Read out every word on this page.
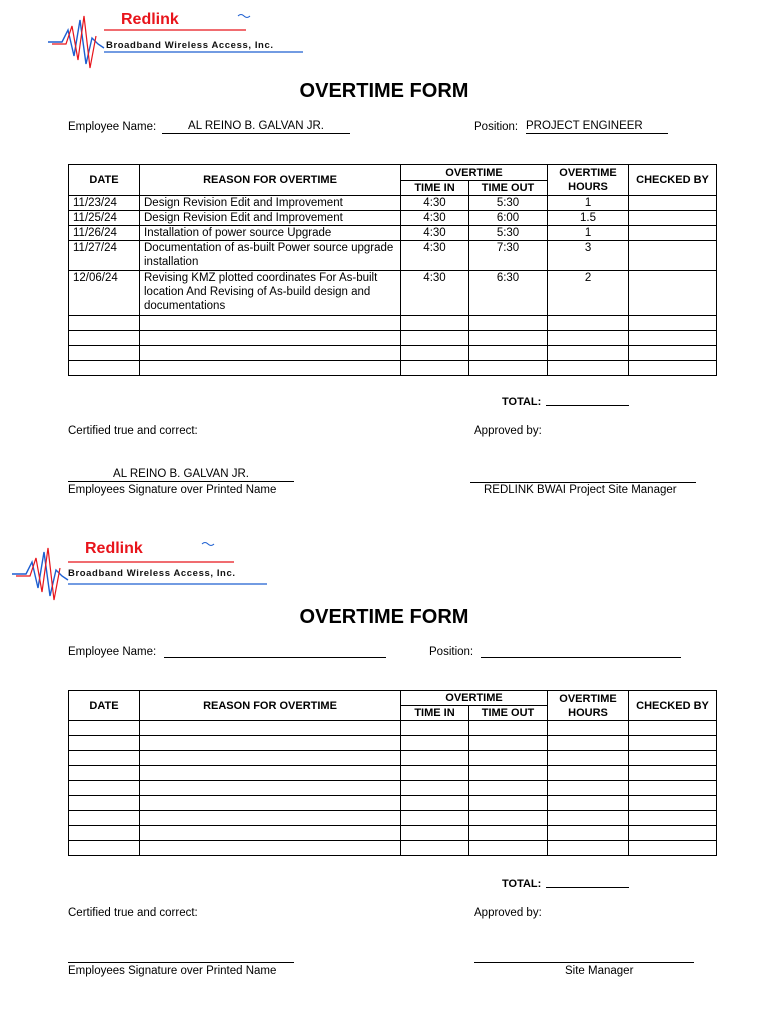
Redlink
Broadband Wireless Access, Inc.
OVERTIME FORM
Employee Name:	AL REINO B. GALVAN JR.	Position: PROJECT ENGINEER
DATE	REASON FOR OVERTIME	OVERTIME		OVERTIME HOURS	CHECKED BY
		TIME IN	TIME OUT		
11/23/24	Design Revision Edit and Improvement	4:30	5:30	1	
11/25/24	Design Revision Edit and Improvement	4:30	6:00	1.5	
11/26/24	Installation of power source Upgrade	4:30	5:30	1	
11/27/24	Documentation of as-built Power source upgrade installation	4:30	7:30	3	
12/06/24	Revising KMZ plotted coordinates For As-built location And Revising of As-build design and documentations	4:30	6:30	2	

TOTAL:
Certified true and correct:	Approved by:
AL REINO B. GALVAN JR.
Employees Signature over Printed Name	REDLINK BWAI Project Site Manager
Redlink
Broadband Wireless Access, Inc.
OVERTIME FORM
Employee Name:	Position:
DATE	REASON FOR OVERTIME	OVERTIME		OVERTIME HOURS	CHECKED BY
		TIME IN	TIME OUT		

TOTAL:
Certified true and correct:	Approved by:
Employees Signature over Printed Name	Site Manager
